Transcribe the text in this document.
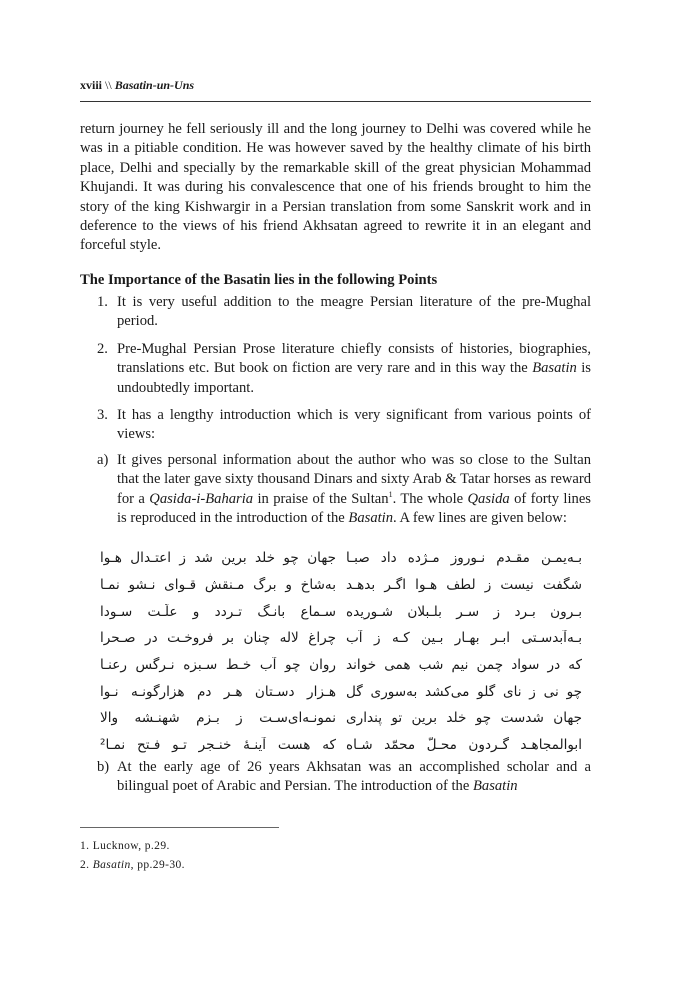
xviii \\ Basatin-un-Uns
return journey he fell seriously ill and the long journey to Delhi was covered while he was in a pitiable condition. He was however saved by the healthy climate of his birth place, Delhi and specially by the remarkable skill of the great physician Mohammad Khujandi. It was during his convalescence that one of his friends brought to him the story of the king Kishwargir in a Persian translation from some Sanskrit work and in deference to the views of his friend Akhsatan agreed to rewrite it in an elegant and forceful style.
The Importance of the Basatin lies in the following Points
1. It is very useful addition to the meagre Persian literature of the pre-Mughal period.
2. Pre-Mughal Persian Prose literature chiefly consists of histories, biographies, translations etc. But book on fiction are very rare and in this way the Basatin is undoubtedly important.
3. It has a lengthy introduction which is very significant from various points of views:
a) It gives personal information about the author who was so close to the Sultan that the later gave sixty thousand Dinars and sixty Arab & Tatar horses as reward for a Qasida-i-Baharia in praise of the Sultan$^1$. The whole Qasida of forty lines is reproduced in the introduction of the Basatin. A few lines are given below:
بـه‌یمـن مقـدم نـوروز مـژده داد صبـا
جهان چو خلد برین شد ز اعتـدال هـوا
شگفت نیست ز لطف هـوا اگـر بدهـد
به‌شاخ و برگ مـنقش قـوای نـشو نمـا
بـرون بـرد ز سـر بلـبلان شـوریده
سـماع بانـگ تـردد و علّـت سـودا
بـه‌آبدسـتی ابـر بهـار بـین کـه ز آب
چراغ لاله چنان بر فروخـت در صـحرا
که در سواد چمن نیم شب همی خواند
روان چو آب خـط سـبزه نـرگس رعنـا
چو نی ز نای گلو می‌کشد به‌سوری گل
هـزار دسـتان هـر دم هزارگونـه نـوا
جهان شدست چو خلد برین تو پنداری
نمونـه‌ای‌سـت ز بـزم شهنـشه والا
ابوالمجاهـد گـردون محـلّ محمّد شـاه
که هست آینـهٔ خنـجر تـو فـتح نمـا²
b) At the early age of 26 years Akhsatan was an accomplished scholar and a bilingual poet of Arabic and Persian. The introduction of the Basatin
1. Lucknow, p.29.
2. Basatin, pp.29-30.
